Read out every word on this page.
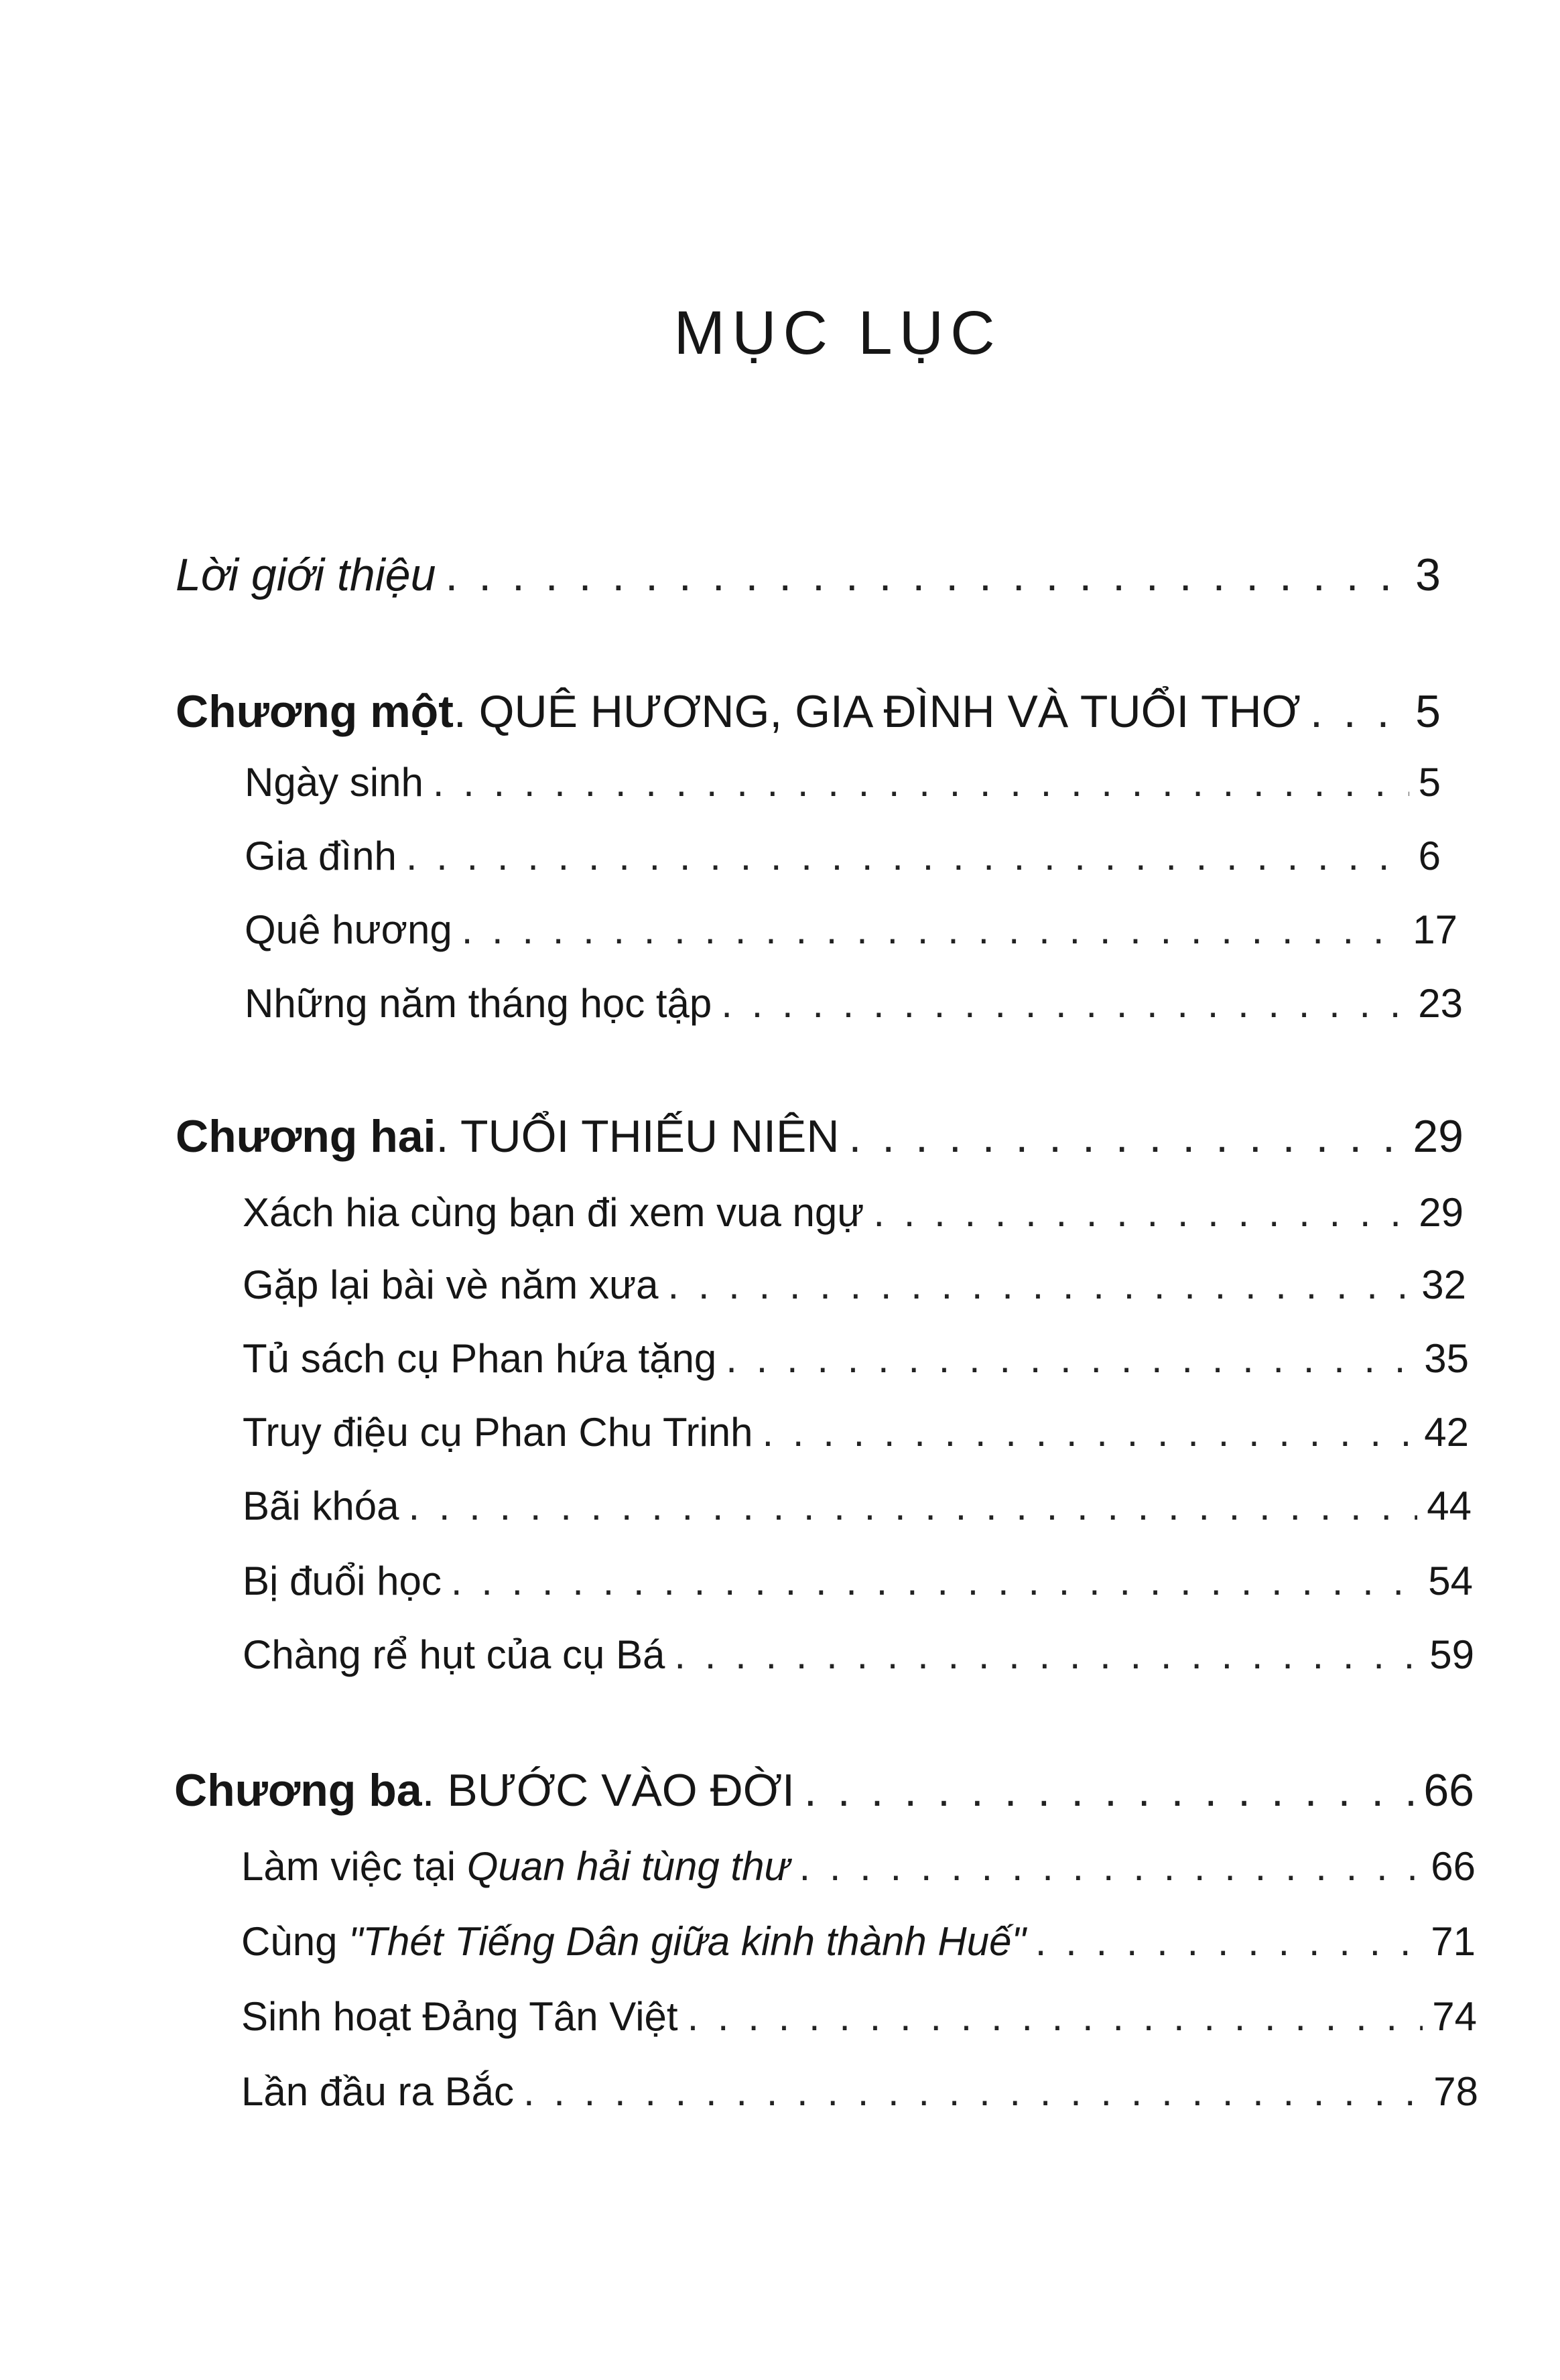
MỤC LỤC
Lời giới thiệu . . .	3
Chương một. QUÊ HƯƠNG, GIA ĐÌNH VÀ TUỔI THƠ . . .	5
Ngày sinh . . .	5
Gia đình . . .	6
Quê hương . . .	17
Những năm tháng học tập . . .	23
Chương hai. TUỔI THIẾU NIÊN . . .	29
Xách hia cùng bạn đi xem vua ngự . . .	29
Gặp lại bài vè năm xưa . . .	32
Tủ sách cụ Phan hứa tặng . . .	35
Truy điệu cụ Phan Chu Trinh . . .	42
Bãi khóa . . .	44
Bị đuổi học . . .	54
Chàng rể hụt của cụ Bá . . .	59
Chương ba. BƯỚC VÀO ĐỜI . . .	66
Làm việc tại Quan hải tùng thư . . .	66
Cùng "Thét Tiếng Dân giữa kinh thành Huế" . . .	71
Sinh hoạt Đảng Tân Việt . . .	74
Lần đầu ra Bắc . . .	78
